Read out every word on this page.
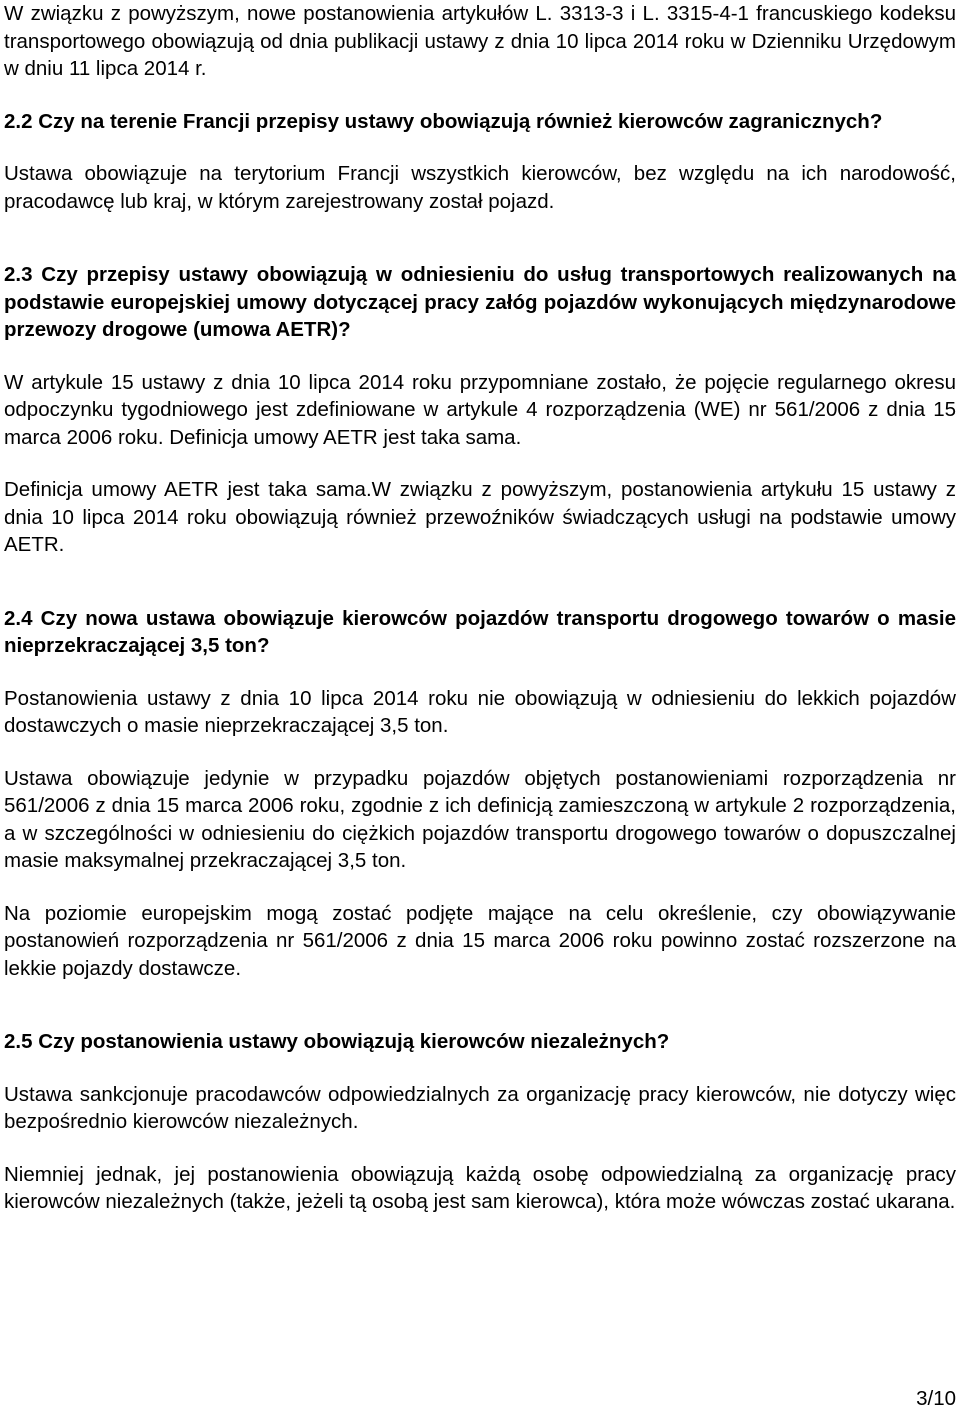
W związku z powyższym, nowe postanowienia artykułów L. 3313-3 i L. 3315-4-1 francuskiego kodeksu transportowego obowiązują od dnia publikacji ustawy z dnia 10 lipca 2014 roku w Dzienniku Urzędowym w dniu 11 lipca 2014 r.

2.2 Czy na terenie Francji przepisy ustawy obowiązują również kierowców zagranicznych?

Ustawa obowiązuje na terytorium Francji wszystkich kierowców, bez względu na ich narodowość, pracodawcę lub kraj, w którym zarejestrowany został pojazd.

2.3 Czy przepisy ustawy obowiązują w odniesieniu do usług transportowych realizowanych na podstawie europejskiej umowy dotyczącej pracy załóg pojazdów wykonujących międzynarodowe przewozy drogowe (umowa AETR)?

W artykule 15 ustawy z dnia 10 lipca 2014 roku przypomniane zostało, że pojęcie regularnego okresu odpoczynku tygodniowego jest zdefiniowane w artykule 4 rozporządzenia (WE) nr 561/2006 z dnia 15 marca 2006 roku. Definicja umowy AETR jest taka sama.

Definicja umowy AETR jest taka sama.W związku z powyższym, postanowienia artykułu 15 ustawy z dnia 10 lipca 2014 roku obowiązują również przewoźników świadczących usługi na podstawie umowy AETR.

2.4 Czy nowa ustawa obowiązuje kierowców pojazdów transportu drogowego towarów o masie nieprzekraczającej 3,5 ton?

Postanowienia ustawy z dnia 10 lipca 2014 roku nie obowiązują w odniesieniu do lekkich pojazdów dostawczych o masie nieprzekraczającej 3,5 ton.

Ustawa obowiązuje jedynie w przypadku pojazdów objętych postanowieniami rozporządzenia nr 561/2006 z dnia 15 marca 2006 roku, zgodnie z ich definicją zamieszczoną w artykule 2 rozporządzenia, a w szczególności w odniesieniu do ciężkich pojazdów transportu drogowego towarów o dopuszczalnej masie maksymalnej przekraczającej 3,5 ton.

Na poziomie europejskim mogą zostać podjęte mające na celu określenie, czy obowiązywanie postanowień rozporządzenia nr 561/2006 z dnia 15 marca 2006 roku powinno zostać rozszerzone na lekkie pojazdy dostawcze.

2.5 Czy postanowienia ustawy obowiązują kierowców niezależnych?

Ustawa sankcjonuje pracodawców odpowiedzialnych za organizację pracy kierowców, nie dotyczy więc bezpośrednio kierowców niezależnych.

Niemniej jednak, jej postanowienia obowiązują każdą osobę odpowiedzialną za organizację pracy kierowców niezależnych (także, jeżeli tą osobą jest sam kierowca), która może wówczas zostać ukarana.

3/10
